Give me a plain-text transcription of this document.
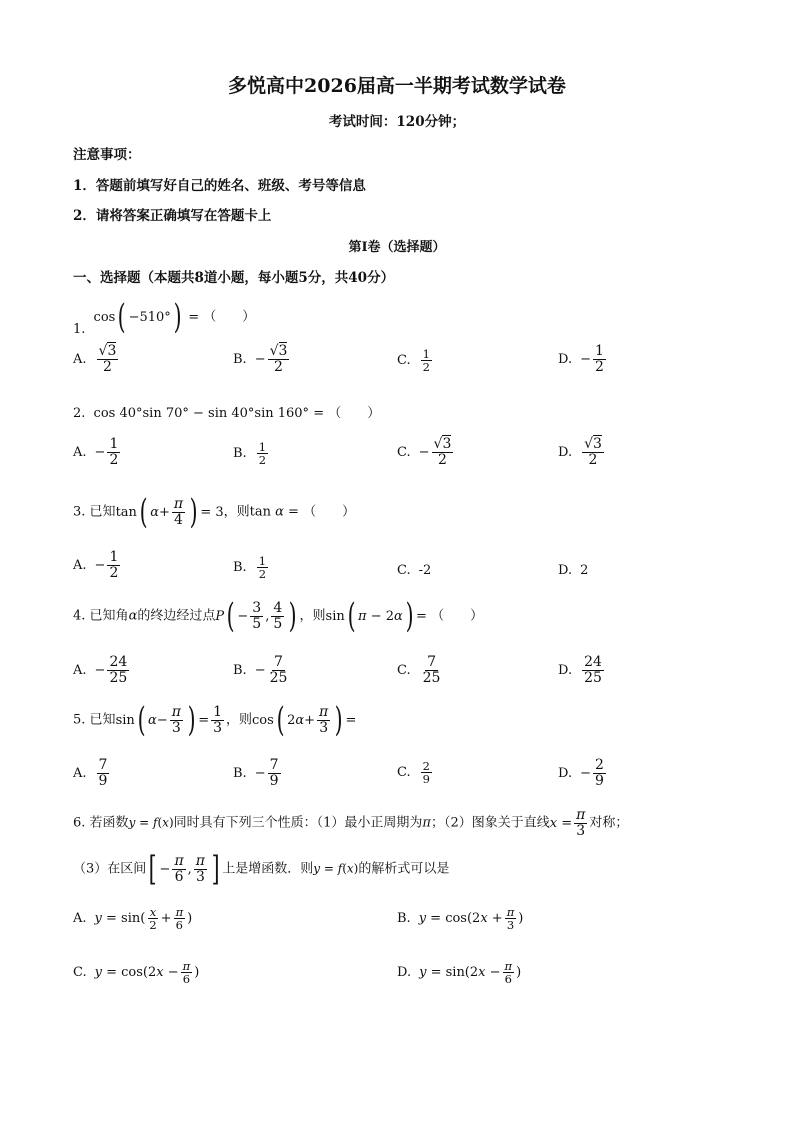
多悦高中2026届高一半期考试数学试卷
考试时间：120分钟；
注意事项：
1．答题前填写好自己的姓名、班级、考号等信息
2．请将答案正确填写在答题卡上
第I卷（选择题）
一、选择题（本题共8道小题，每小题5分，共40分）
1. cos( −510°) = （　　）
A. $\frac{√3}{2}$	B. − $\frac{√3}{2}$	C. $\frac{1}{2}$	D. − $\frac{1}{2}$
2. cos 40°sin 70° − sin 40°sin 160° = （　　）
A. − $\frac{1}{2}$	B. $\frac{1}{2}$	C. − $\frac{√3}{2}$	D. $\frac{√3}{2}$
3. 已知tan( $\alpha+ \frac{\pi}{4}$ ) = 3，则tan α = （　　）
A. − $\frac{1}{2}$	B. $\frac{1}{2}$	C. -2	D. 2
4. 已知角α的终边经过点$P( - \frac{3}{5}$ , $\frac{4}{5}$ ) ，则sin( π − 2α) = （　　）
A. − $\frac{24}{25}$	B. − $\frac{7}{25}$	C. $\frac{7}{25}$	D. $\frac{24}{25}$
5. 已知sin( $\alpha- \frac{\pi}{3}$ ) = $\frac{1}{3}$ ，则cos( $2\alpha+ \frac{\pi}{3}$ ) =
A. $\frac{7}{9}$	B. − $\frac{7}{9}$	C. $\frac{2}{9}$	D. − $\frac{2}{9}$
6. 若函数y = f(x)同时具有下列三个性质：（1）最小正周期为π；（2）图象关于直线$x = \frac{\pi}{3}$ 对称；
（3）在区间[ − $\frac{\pi}{6}$ , $\frac{\pi}{3}$ ] 上是增函数．则y = f(x)的解析式可以是
A. $y = \sin( \frac{x}{2} + \frac{\pi}{6}$ )	B. $y = \cos(2x + \frac{\pi}{3}$ )
C. $y = \cos(2x - \frac{\pi}{6}$ )	D. $y = \sin(2x - \frac{\pi}{6}$ )
